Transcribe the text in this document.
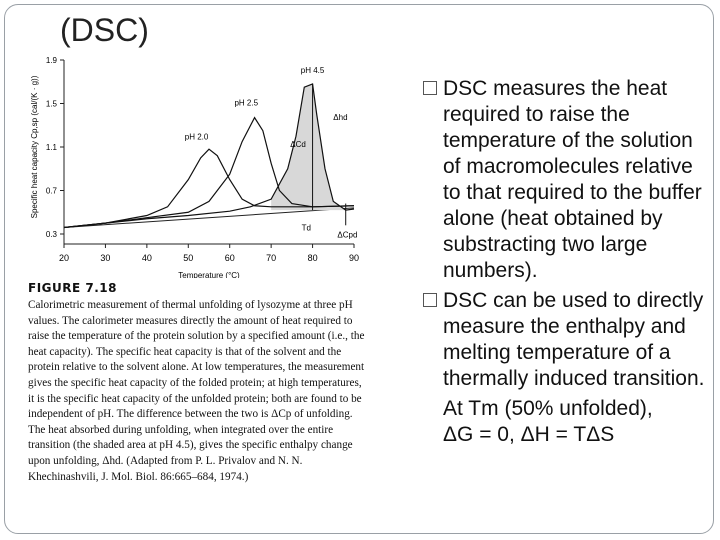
(DSC)
20	30	40	50	60	70	80	90
0.3
0.7
1.1
1.5
1.9
Temperature (°C)
Specific heat capacity Cp,sp (cal/(K · g))
pH 4.5
pH 2.5
pH 2.0
Δhd
ΔCd
Td
ΔCpd
FIGURE 7.18
Calorimetric measurement of thermal unfolding of lysozyme at three pH values. The calorimeter measures directly the amount of heat required to raise the temperature of the protein solution by a specified amount (i.e., the heat capacity). The specific heat capacity is that of the solvent and the protein relative to the solvent alone. At low temperatures, the measurement gives the specific heat capacity of the folded protein; at high temperatures, it is the specific heat capacity of the unfolded protein; both are found to be independent of pH. The difference between the two is ΔCp of unfolding. The heat absorbed during unfolding, when integrated over the entire transition (the shaded area at pH 4.5), gives the specific enthalpy change upon unfolding, Δhd. (Adapted from P. L. Privalov and N. N. Khechinashvili, J. Mol. Biol. 86:665–684, 1974.)
DSC measures the heat required to raise the temperature of the solution of macromolecules relative to that required to the buffer alone (heat obtained by substracting two large numbers).
DSC can be used to directly measure the enthalpy and melting temperature of a thermally induced transition.
At Tm (50% unfolded),
ΔG = 0, ΔH = TΔS
